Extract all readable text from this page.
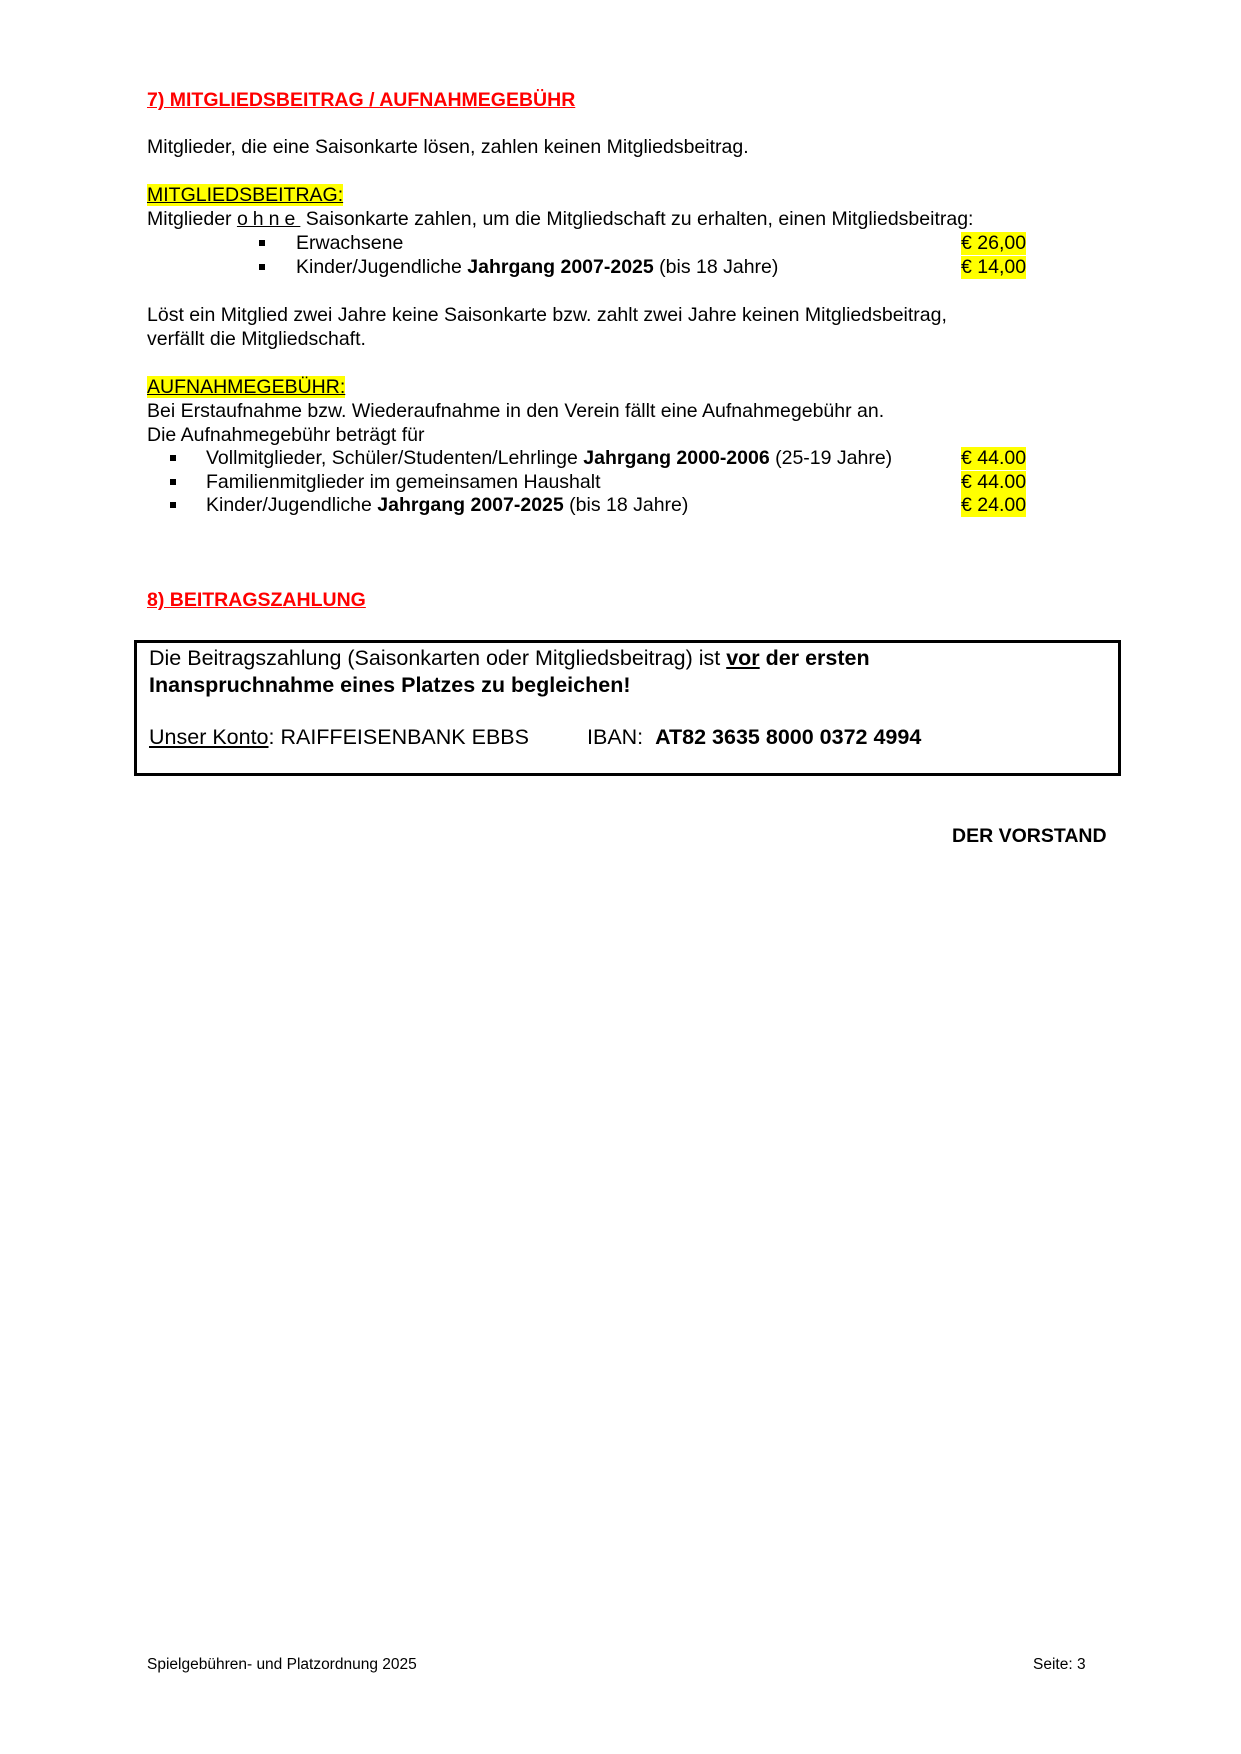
7) MITGLIEDSBEITRAG / AUFNAHMEGEBÜHR
Mitglieder, die eine Saisonkarte lösen, zahlen keinen Mitgliedsbeitrag.
MITGLIEDSBEITRAG:
Mitglieder ohne Saisonkarte zahlen, um die Mitgliedschaft zu erhalten, einen Mitgliedsbeitrag:
Erwachsene	€ 26,00
Kinder/Jugendliche Jahrgang 2007-2025 (bis 18 Jahre)	€ 14,00
Löst ein Mitglied zwei Jahre keine Saisonkarte bzw. zahlt zwei Jahre keinen Mitgliedsbeitrag,
verfällt die Mitgliedschaft.
AUFNAHMEGEBÜHR:
Bei Erstaufnahme bzw. Wiederaufnahme in den Verein fällt eine Aufnahmegebühr an.
Die Aufnahmegebühr beträgt für
Vollmitglieder, Schüler/Studenten/Lehrlinge Jahrgang 2000-2006 (25-19 Jahre)	€ 44.00
Familienmitglieder im gemeinsamen Haushalt	€ 44.00
Kinder/Jugendliche Jahrgang 2007-2025 (bis 18 Jahre)	€ 24.00
8) BEITRAGSZAHLUNG
Die Beitragszahlung (Saisonkarten oder Mitgliedsbeitrag) ist vor der ersten
Inanspruchnahme eines Platzes zu begleichen!
Unser Konto: RAIFFEISENBANK EBBS	IBAN: AT82 3635 8000 0372 4994
DER VORSTAND
Spielgebühren- und Platzordnung 2025	Seite: 3
